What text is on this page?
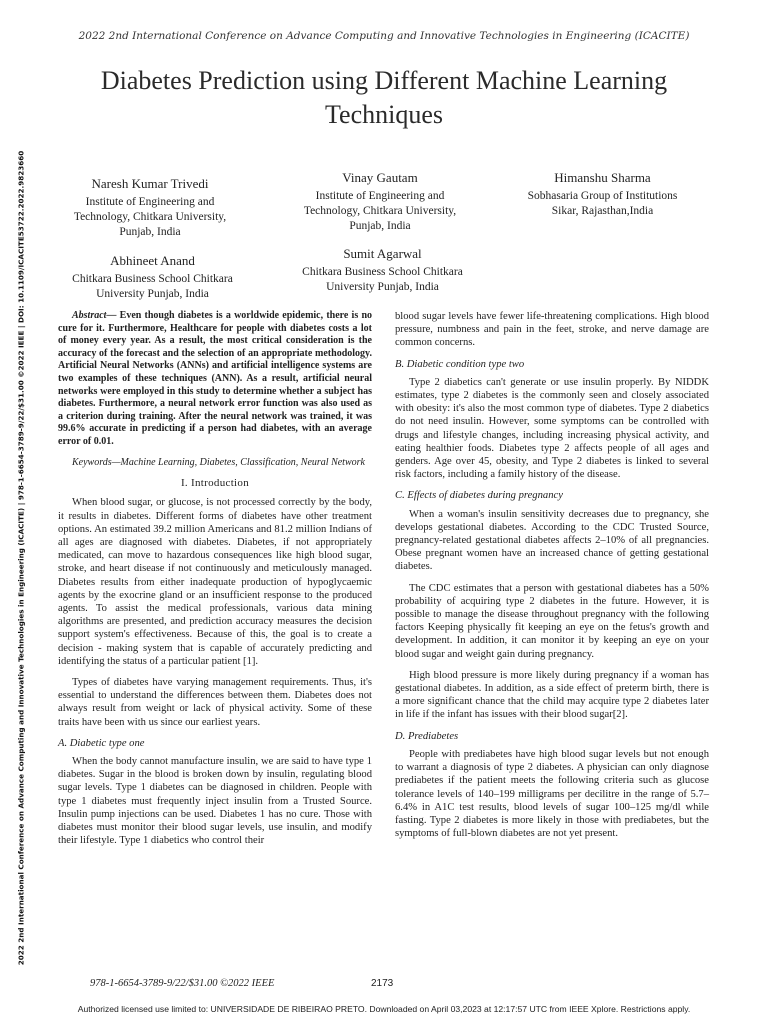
2022 2nd International Conference on Advance Computing and Innovative Technologies in Engineering (ICACITE)
Diabetes Prediction using Different Machine Learning Techniques
Naresh Kumar Trivedi
Institute of Engineering and Technology, Chitkara University, Punjab, India
Vinay Gautam
Institute of Engineering and Technology, Chitkara University, Punjab, India
Himanshu Sharma
Sobhasaria Group of Institutions Sikar, Rajasthan,India
Abhineet Anand
Chitkara Business School Chitkara University Punjab, India
Sumit Agarwal
Chitkara Business School Chitkara University Punjab, India
2022 2nd International Conference on Advance Computing and Innovative Technologies in Engineering (ICACITE) | 978-1-6654-3789-9/22/$31.00 ©2022 IEEE | DOI: 10.1109/ICACITE53722.2022.9823660	Abstract— Even though diabetes is a worldwide epidemic, there is no cure for it. Furthermore, Healthcare for people with diabetes costs a lot of money every year. As a result, the most critical consideration is the accuracy of the forecast and the selection of an appropriate methodology. Artificial Neural Networks (ANNs) and artificial intelligence systems are two examples of these techniques (ANN). As a result, artificial neural networks were employed in this study to determine whether a subject has diabetes. Furthermore, a neural network error function was also used as a criterion during training. After the neural network was trained, it was 99.6% accurate in predicting if a person had diabetes, with an average error of 0.01.

Keywords—Machine Learning, Diabetes, Classification, Neural Network

I. Introduction

When blood sugar, or glucose, is not processed correctly by the body, it results in diabetes. Different forms of diabetes have other treatment options. An estimated 39.2 million Americans and 81.2 million Indians of all ages are diagnosed with diabetes. Diabetes, if not appropriately medicated, can move to hazardous consequences like high blood sugar, stroke, and heart disease if not continuously and meticulously managed. Diabetes results from either inadequate production of hypoglycaemic agents by the exocrine gland or an insufficient response to the produced agents. To assist the medical professionals, various data mining algorithms are presented, and prediction accuracy measures the decision support system's effectiveness. Because of this, the goal is to create a decision - making system that is capable of accurately predicting and identifying the status of a particular patient [1].

Types of diabetes have varying management requirements. Thus, it's essential to understand the differences between them. Diabetes does not always result from weight or lack of physical activity. Some of these traits have been with us since our earliest years.

A. Diabetic type one

When the body cannot manufacture insulin, we are said to have type 1 diabetes. Sugar in the blood is broken down by insulin, regulating blood sugar levels. Type 1 diabetes can be diagnosed in children. People with type 1 diabetes must frequently inject insulin from a Trusted Source. Insulin pump injections can be used. Diabetes 1 has no cure. Those with diabetes must monitor their blood sugar levels, use insulin, and modify their lifestyle. Type 1 diabetics who control their

blood sugar levels have fewer life-threatening complications. High blood pressure, numbness and pain in the feet, stroke, and nerve damage are common concerns.

B. Diabetic condition type two

Type 2 diabetics can't generate or use insulin properly. By NIDDK estimates, type 2 diabetes is the commonly seen and closely associated with obesity: it's also the most common type of diabetes. Type 2 diabetics do not need insulin. However, some symptoms can be controlled with drugs and lifestyle changes, including increasing physical activity, and eating healthier foods. Diabetes type 2 affects people of all ages and genders. Age over 45, obesity, and Type 2 diabetes is linked to several risk factors, including a family history of the disease.

C. Effects of diabetes during pregnancy

When a woman's insulin sensitivity decreases due to pregnancy, she develops gestational diabetes. According to the CDC Trusted Source, pregnancy-related gestational diabetes affects 2–10% of all pregnancies. Obese pregnant women have an increased chance of getting gestational diabetes.

The CDC estimates that a person with gestational diabetes has a 50% probability of acquiring type 2 diabetes in the future. However, it is possible to manage the disease throughout pregnancy with the following factors Keeping physically fit keeping an eye on the fetus's growth and development. In addition, it can monitor it by keeping an eye on your blood sugar and weight gain during pregnancy.

High blood pressure is more likely during pregnancy if a woman has gestational diabetes. In addition, as a side effect of preterm birth, there is a more significant chance that the child may acquire type 2 diabetes later in life if the infant has issues with their blood sugar[2].

D. Prediabetes

People with prediabetes have high blood sugar levels but not enough to warrant a diagnosis of type 2 diabetes. A physician can only diagnose prediabetes if the patient meets the following criteria such as glucose tolerance levels of 140–199 milligrams per decilitre in the range of 5.7–6.4% in A1C test results, blood levels of sugar 100–125 mg/dl while fasting. Type 2 diabetes is more likely in those with prediabetes, but the symptoms of full-blown diabetes are not yet present.

978-1-6654-3789-9/22/$31.00 ©2022 IEEE	2173
Authorized licensed use limited to: UNIVERSIDADE DE RIBEIRAO PRETO. Downloaded on April 03,2023 at 12:17:57 UTC from IEEE Xplore. Restrictions apply.
